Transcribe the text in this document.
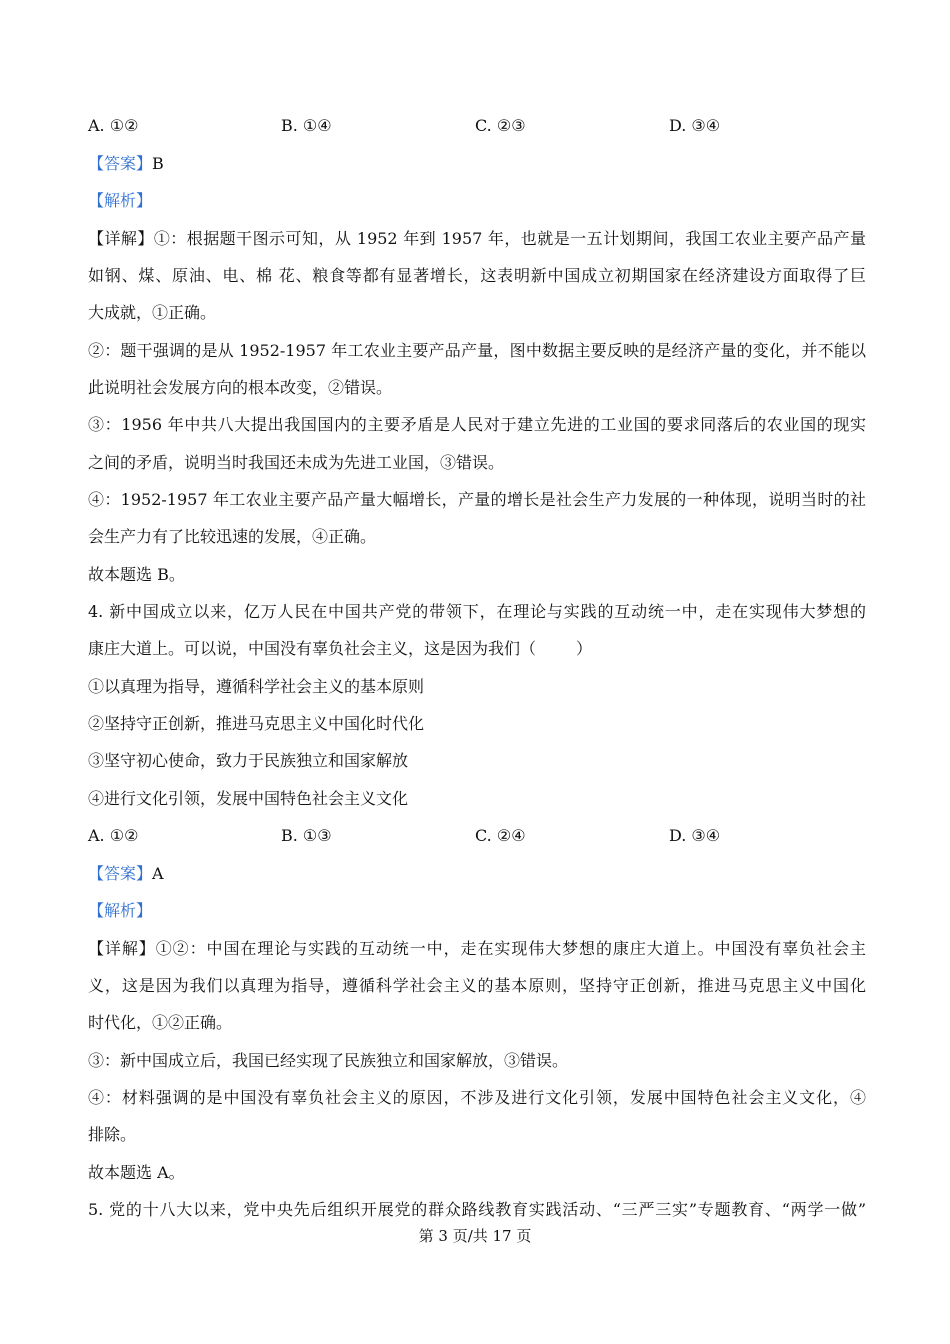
A. ①②	B. ①④	C. ②③	D. ③④
【答案】B
【解析】
【详解】①：根据题干图示可知，从 1952 年到 1957 年，也就是一五计划期间，我国工农业主要产品产量
如钢、煤、原油、电、棉 花、粮食等都有显著增长，这表明新中国成立初期国家在经济建设方面取得了巨
大成就，①正确。
②：题干强调的是从 1952-1957 年工农业主要产品产量，图中数据主要反映的是经济产量的变化，并不能以
此说明社会发展方向的根本改变，②错误。
③：1956 年中共八大提出我国国内的主要矛盾是人民对于建立先进的工业国的要求同落后的农业国的现实
之间的矛盾，说明当时我国还未成为先进工业国，③错误。
④：1952-1957 年工农业主要产品产量大幅增长，产量的增长是社会生产力发展的一种体现，说明当时的社
会生产力有了比较迅速的发展，④正确。
故本题选 B。
4. 新中国成立以来，亿万人民在中国共产党的带领下，在理论与实践的互动统一中，走在实现伟大梦想的
康庄大道上。可以说，中国没有辜负社会主义，这是因为我们（	）
①以真理为指导，遵循科学社会主义的基本原则
②坚持守正创新，推进马克思主义中国化时代化
③坚守初心使命，致力于民族独立和国家解放
④进行文化引领，发展中国特色社会主义文化
A. ①②	B. ①③	C. ②④	D. ③④
【答案】A
【解析】
【详解】①②：中国在理论与实践的互动统一中，走在实现伟大梦想的康庄大道上。中国没有辜负社会主
义，这是因为我们以真理为指导，遵循科学社会主义的基本原则，坚持守正创新，推进马克思主义中国化
时代化，①②正确。
③：新中国成立后，我国已经实现了民族独立和国家解放，③错误。
④：材料强调的是中国没有辜负社会主义的原因，不涉及进行文化引领，发展中国特色社会主义文化，④
排除。
故本题选 A。
5. 党的十八大以来，党中央先后组织开展党的群众路线教育实践活动、“三严三实”专题教育、“两学一做”
第 3 页/共 17 页
